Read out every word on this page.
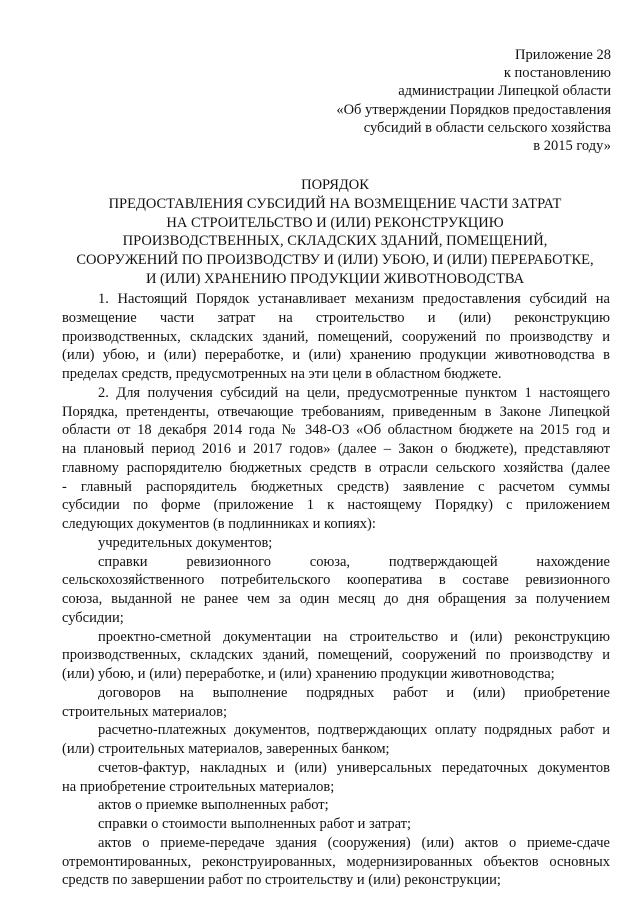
Приложение 28
к постановлению
администрации Липецкой области
«Об утверждении Порядков предоставления
субсидий в области сельского хозяйства
в 2015 году»
ПОРЯДОК
ПРЕДОСТАВЛЕНИЯ СУБСИДИЙ НА ВОЗМЕЩЕНИЕ ЧАСТИ ЗАТРАТ
НА СТРОИТЕЛЬСТВО И (ИЛИ) РЕКОНСТРУКЦИЮ
ПРОИЗВОДСТВЕННЫХ, СКЛАДСКИХ ЗДАНИЙ, ПОМЕЩЕНИЙ,
СООРУЖЕНИЙ ПО ПРОИЗВОДСТВУ И (ИЛИ) УБОЮ, И (ИЛИ) ПЕРЕРАБОТКЕ,
И (ИЛИ) ХРАНЕНИЮ ПРОДУКЦИИ ЖИВОТНОВОДСТВА
1. Настоящий Порядок устанавливает механизм предоставления субсидий на
возмещение части затрат на строительство и (или) реконструкцию
производственных, складских зданий, помещений, сооружений по производству и
(или) убою, и (или) переработке, и (или) хранению продукции животноводства в
пределах средств, предусмотренных на эти цели в областном бюджете.
2. Для получения субсидий на цели, предусмотренные пунктом 1 настоящего
Порядка, претенденты, отвечающие требованиям, приведенным в Законе Липецкой
области от 18 декабря 2014 года № 348-ОЗ «Об областном бюджете на 2015 год и
на плановый период 2016 и 2017 годов» (далее – Закон о бюджете), представляют
главному распорядителю бюджетных средств в отрасли сельского хозяйства (далее
- главный распорядитель бюджетных средств) заявление с расчетом суммы
субсидии по форме (приложение 1 к настоящему Порядку) с приложением
следующих документов (в подлинниках и копиях):
учредительных документов;
справки ревизионного союза, подтверждающей нахождение
сельскохозяйственного потребительского кооператива в составе ревизионного
союза, выданной не ранее чем за один месяц до дня обращения за получением
субсидии;
проектно-сметной документации на строительство и (или) реконструкцию
производственных, складских зданий, помещений, сооружений по производству и
(или) убою, и (или) переработке, и (или) хранению продукции животноводства;
договоров на выполнение подрядных работ и (или) приобретение
строительных материалов;
расчетно-платежных документов, подтверждающих оплату подрядных работ и
(или) строительных материалов, заверенных банком;
счетов-фактур, накладных и (или) универсальных передаточных документов
на приобретение строительных материалов;
актов о приемке выполненных работ;
справки о стоимости выполненных работ и затрат;
актов о приеме-передаче здания (сооружения) (или) актов о приеме-сдаче
отремонтированных, реконструированных, модернизированных объектов основных
средств по завершении работ по строительству и (или) реконструкции;
